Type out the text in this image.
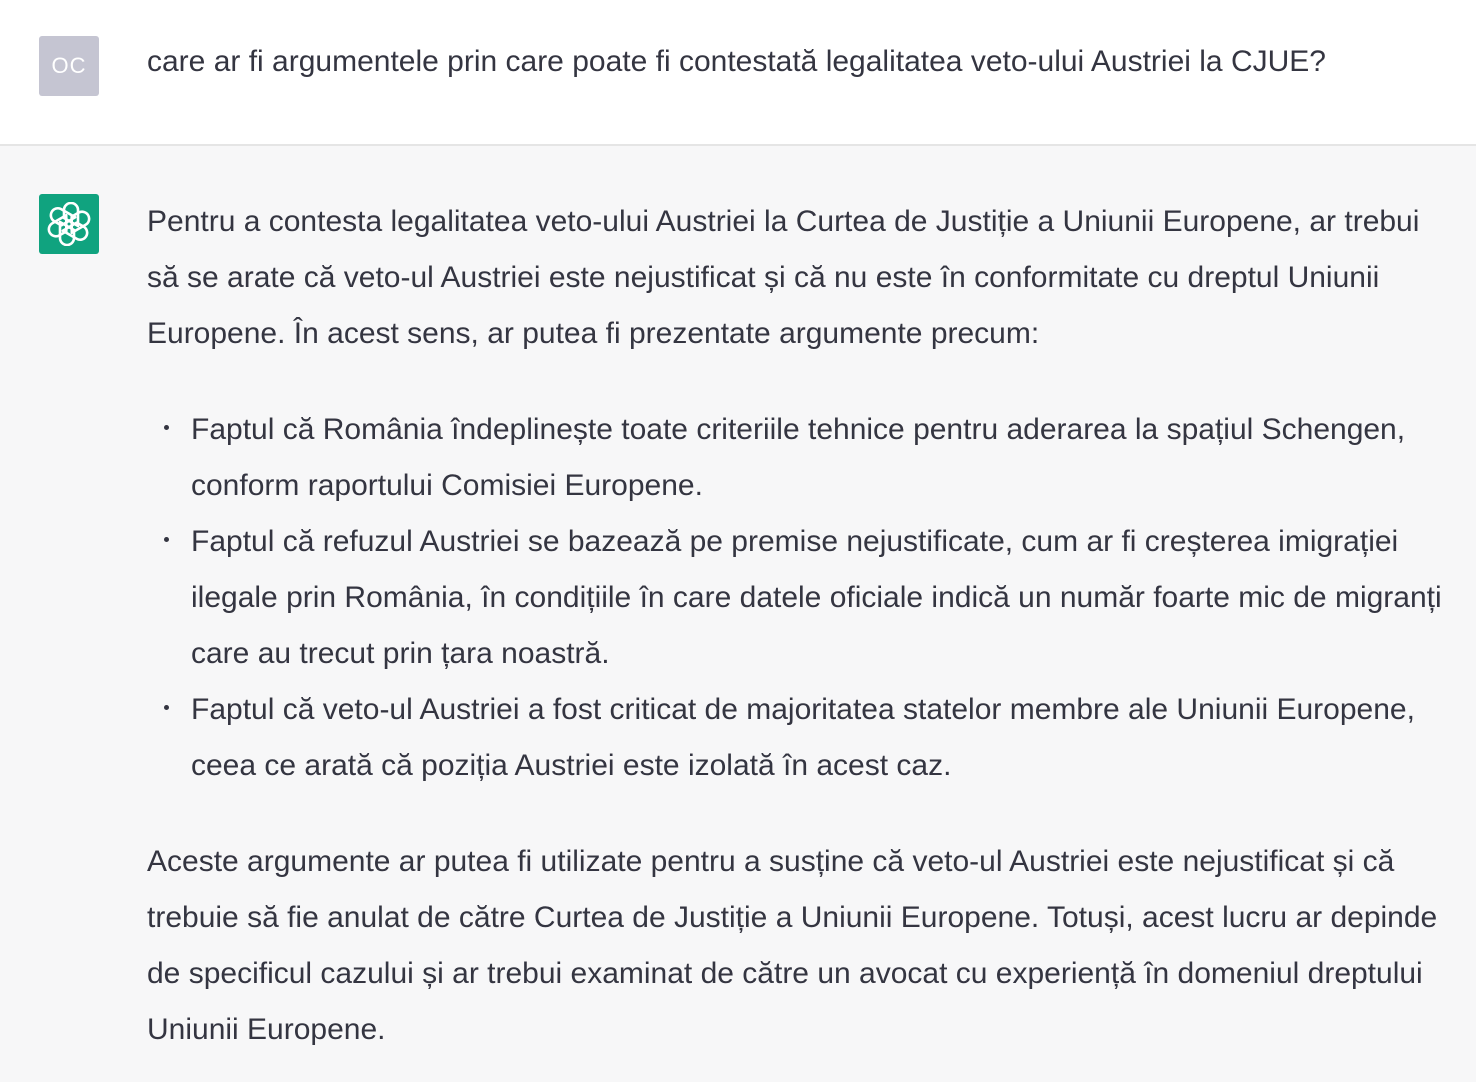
OC	care ar fi argumentele prin care poate fi contestată legalitatea veto-ului Austriei la CJUE?

Pentru a contesta legalitatea veto-ului Austriei la Curtea de Justiție a Uniunii Europene, ar trebui să se arate că veto-ul Austriei este nejustificat și că nu este în conformitate cu dreptul Uniunii Europene. În acest sens, ar putea fi prezentate argumente precum:

Faptul că România îndeplinește toate criteriile tehnice pentru aderarea la spațiul Schengen, conform raportului Comisiei Europene.
Faptul că refuzul Austriei se bazează pe premise nejustificate, cum ar fi creșterea imigrației ilegale prin România, în condițiile în care datele oficiale indică un număr foarte mic de migranți care au trecut prin țara noastră.
Faptul că veto-ul Austriei a fost criticat de majoritatea statelor membre ale Uniunii Europene, ceea ce arată că poziția Austriei este izolată în acest caz.

Aceste argumente ar putea fi utilizate pentru a susține că veto-ul Austriei este nejustificat și că trebuie să fie anulat de către Curtea de Justiție a Uniunii Europene. Totuși, acest lucru ar depinde de specificul cazului și ar trebui examinat de către un avocat cu experiență în domeniul dreptului Uniunii Europene.
